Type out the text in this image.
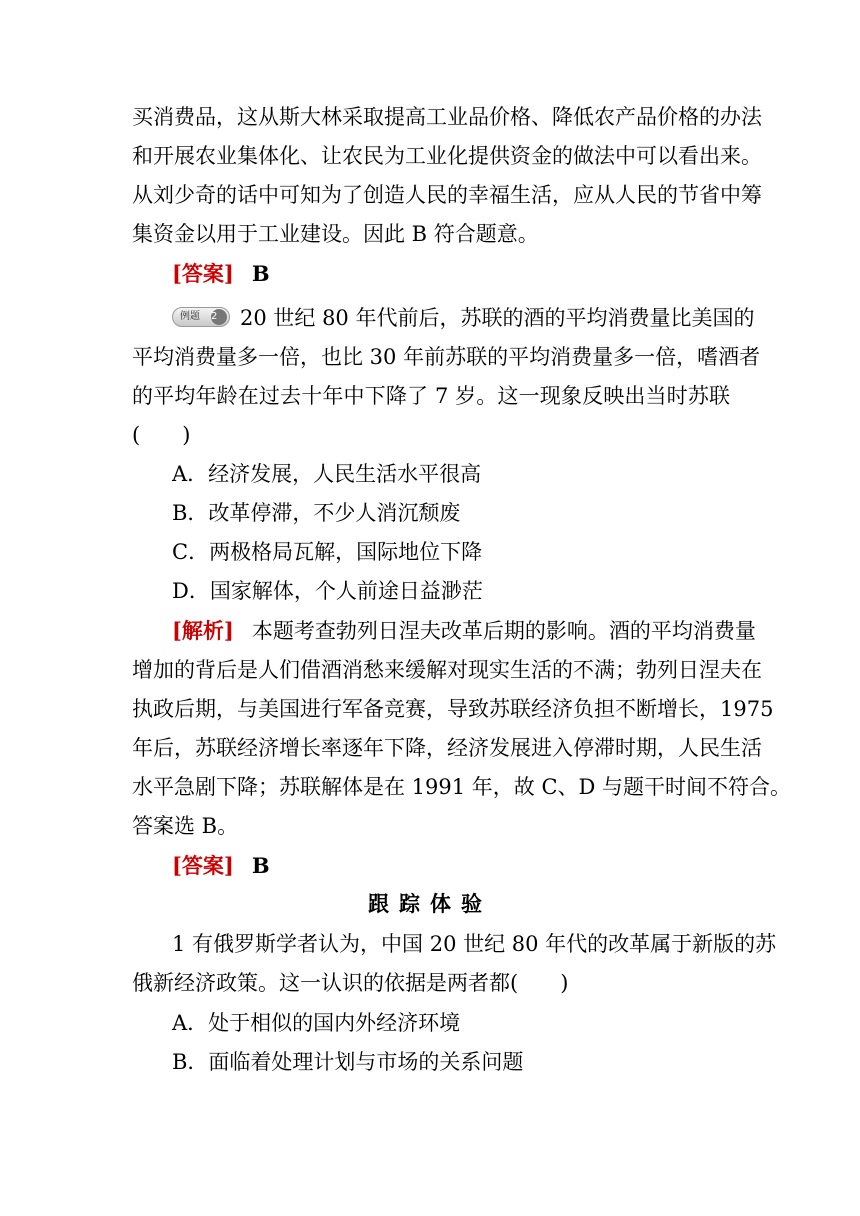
买消费品，这从斯大林采取提高工业品价格、降低农产品价格的办法
和开展农业集体化、让农民为工业化提供资金的做法中可以看出来。
从刘少奇的话中可知为了创造人民的幸福生活，应从人民的节省中筹
集资金以用于工业建设。因此 B 符合题意。
[答案] B
例题 2	20 世纪 80 年代前后，苏联的酒的平均消费量比美国的
平均消费量多一倍，也比 30 年前苏联的平均消费量多一倍，嗜酒者
的平均年龄在过去十年中下降了 7 岁。这一现象反映出当时苏联
(　　)
A．经济发展，人民生活水平很高
B．改革停滞，不少人消沉颓废
C．两极格局瓦解，国际地位下降
D．国家解体，个人前途日益渺茫
[解析] 本题考查勃列日涅夫改革后期的影响。酒的平均消费量
增加的背后是人们借酒消愁来缓解对现实生活的不满；勃列日涅夫在
执政后期，与美国进行军备竞赛，导致苏联经济负担不断增长，1975
年后，苏联经济增长率逐年下降，经济发展进入停滞时期，人民生活
水平急剧下降；苏联解体是在 1991 年，故 C、D 与题干时间不符合。
答案选 B。
[答案] B
跟踪体验
1 有俄罗斯学者认为，中国 20 世纪 80 年代的改革属于新版的苏
俄新经济政策。这一认识的依据是两者都(　　)
A．处于相似的国内外经济环境
B．面临着处理计划与市场的关系问题
